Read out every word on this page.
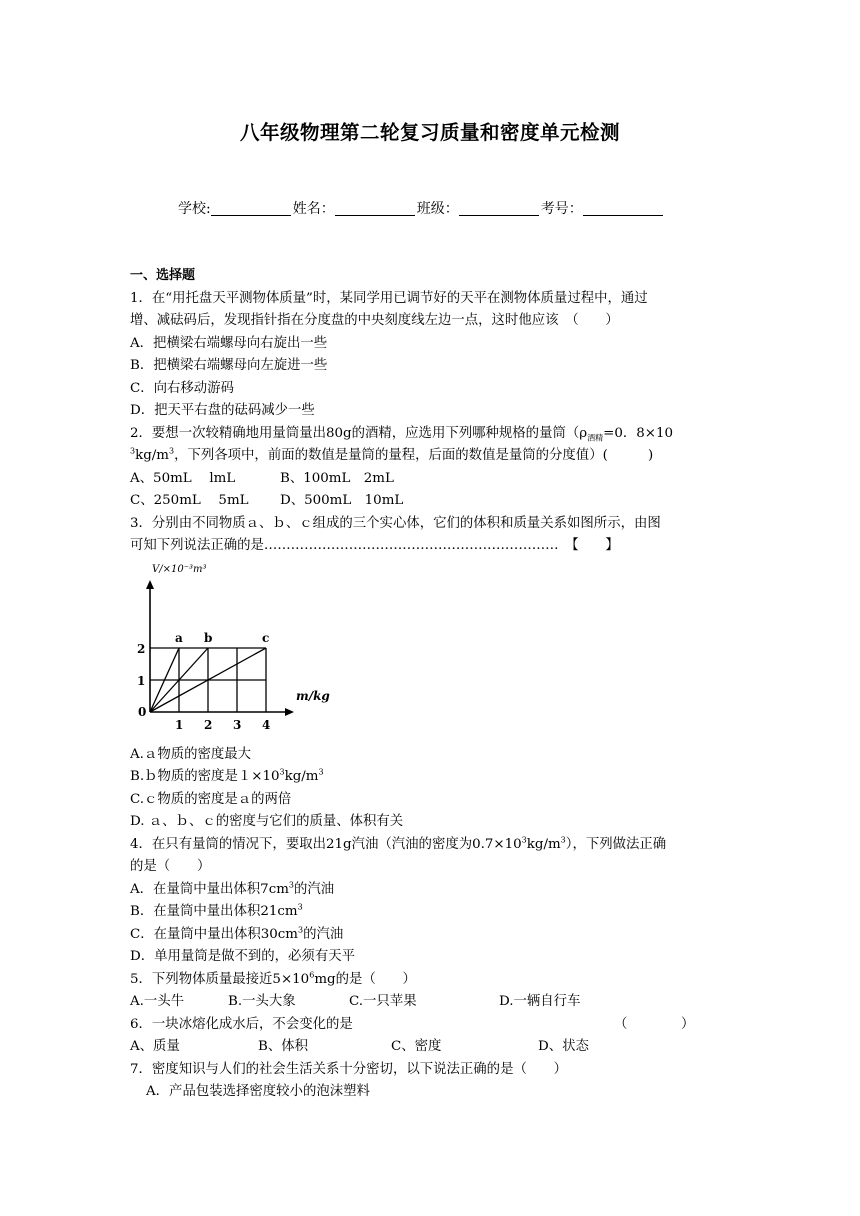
八年级物理第二轮复习质量和密度单元检测
学校:	姓名：	班级：	考号：
一、选择题
1．在“用托盘天平测物体质量”时，某同学用已调节好的天平在测物体质量过程中，通过
增、减砝码后，发现指针指在分度盘的中央刻度线左边一点，这时他应该　（　　）
A．把横梁右端螺母向右旋出一些
B．把横梁右端螺母向左旋进一些
C．向右移动游码
D．把天平右盘的砝码减少一些
2．要想一次较精确地用量筒量出80g的酒精，应选用下列哪种规格的量筒（$\rho_{酒精}=0$．8×10
$^3kg/m^3$，下列各项中，前面的数值是量筒的量程，后面的数值是量筒的分度值）(　　　)
A、50mL　 lmL	B、100mL　2mL
C、250mL　 5mL D、500mL　10mL
3．分别由不同物质ａ、ｂ、ｃ组成的三个实心体，它们的体积和质量关系如图所示，由图
可知下列说法正确的是…………………………………………………………　【　　】
a b	c
1 2 3 4
1
2
V/×10⁻³m³
m/kg
0
A.ａ物质的密度最大
B.ｂ物质的密度是$1\times 10^3kg/m^3$
C.ｃ物质的密度是ａ的两倍
D. ａ、ｂ、ｃ的密度与它们的质量、体积有关
4．在只有量筒的情况下，要取出21g汽油（汽油的密度为$0.7\times 10^3kg/m^3$），下列做法正确
的是（　　）
A．在量筒中量出体积$7cm^3$的汽油
B．在量筒中量出体积$21cm^3$
C．在量筒中量出体积$30cm^3$的汽油
D．单用量筒是做不到的，必须有天平
5．下列物体质量最接近$5\times 10^6mg$的是（　　）
A.一头牛	B.一头大象	C.一只苹果	D.一辆自行车
6．一块冰熔化成水后，不会变化的是	（　　　　）
A、质量	B、体积	C、密度	D、状态
7．密度知识与人们的社会生活关系十分密切，以下说法正确的是（　　）
A．产品包装选择密度较小的泡沫塑料
